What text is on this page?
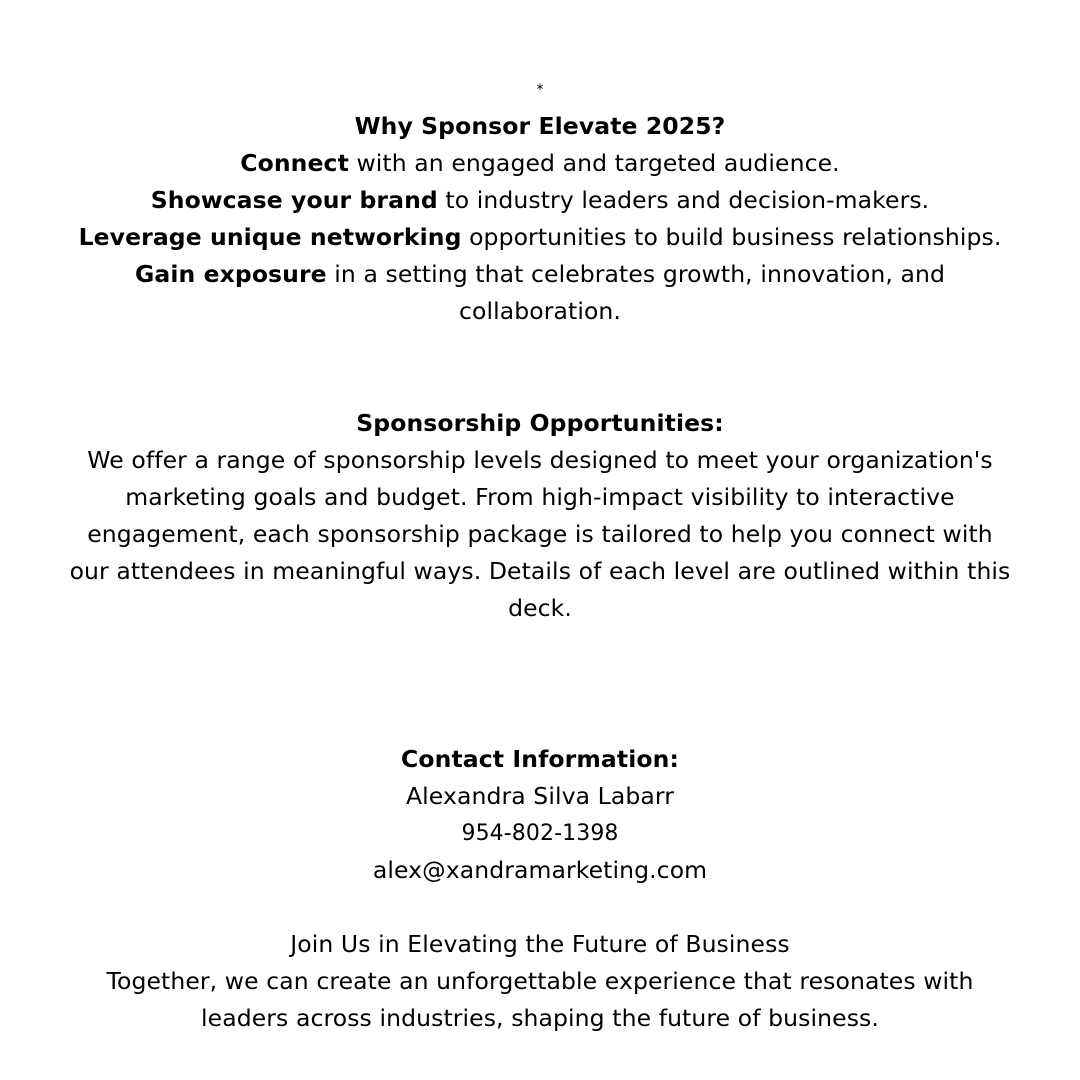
*
Why Sponsor Elevate 2025?
Connect with an engaged and targeted audience.
Showcase your brand to industry leaders and decision-makers.
Leverage unique networking opportunities to build business relationships.
Gain exposure in a setting that celebrates growth, innovation, and
collaboration.
Sponsorship Opportunities:
We offer a range of sponsorship levels designed to meet your organization's
marketing goals and budget. From high-impact visibility to interactive
engagement, each sponsorship package is tailored to help you connect with
our attendees in meaningful ways. Details of each level are outlined within this
deck.
Contact Information:
Alexandra Silva Labarr
954-802-1398
alex@xandramarketing.com
Join Us in Elevating the Future of Business
Together, we can create an unforgettable experience that resonates with
leaders across industries, shaping the future of business.
